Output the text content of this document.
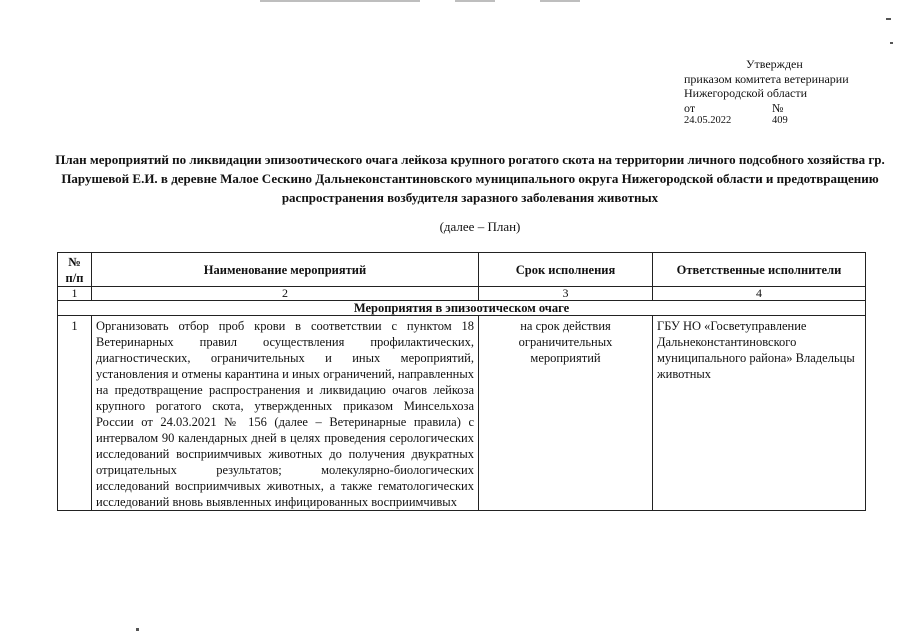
Утвержден
приказом комитета ветеринарии
Нижегородской области
от	№
24.05.2022	409
План мероприятий по ликвидации эпизоотического очага лейкоза крупного рогатого скота на территории личного подсобного хозяйства гр. Парушевой Е.И. в деревне Малое Сескино Дальнеконстантиновского муниципального округа Нижегородской области и предотвращению распространения возбудителя заразного заболевания животных
(далее – План)
№ п/п	Наименование мероприятий	Срок исполнения	Ответственные исполнители
1	2	3	4
Мероприятия в эпизоотическом очаге			
1	Организовать отбор проб крови в соответствии с пунктом 18 Ветеринарных правил осуществления профилактических, диагностических, ограничительных и иных мероприятий, установления и отмены карантина и иных ограничений, направленных на предотвращение распространения и ликвидацию очагов лейкоза крупного рогатого скота, утвержденных приказом Минсельхоза России от 24.03.2021 № 156 (далее – Ветеринарные правила) с интервалом 90 календарных дней в целях проведения серологических исследований восприимчивых животных до получения двукратных отрицательных результатов; молекулярно-биологических исследований восприимчивых животных, а также гематологических исследований вновь выявленных инфицированных восприимчивых	на срок действия ограничительных мероприятий	ГБУ НО «Госветуправление Дальнеконстантиновского муниципального района» Владельцы животных
